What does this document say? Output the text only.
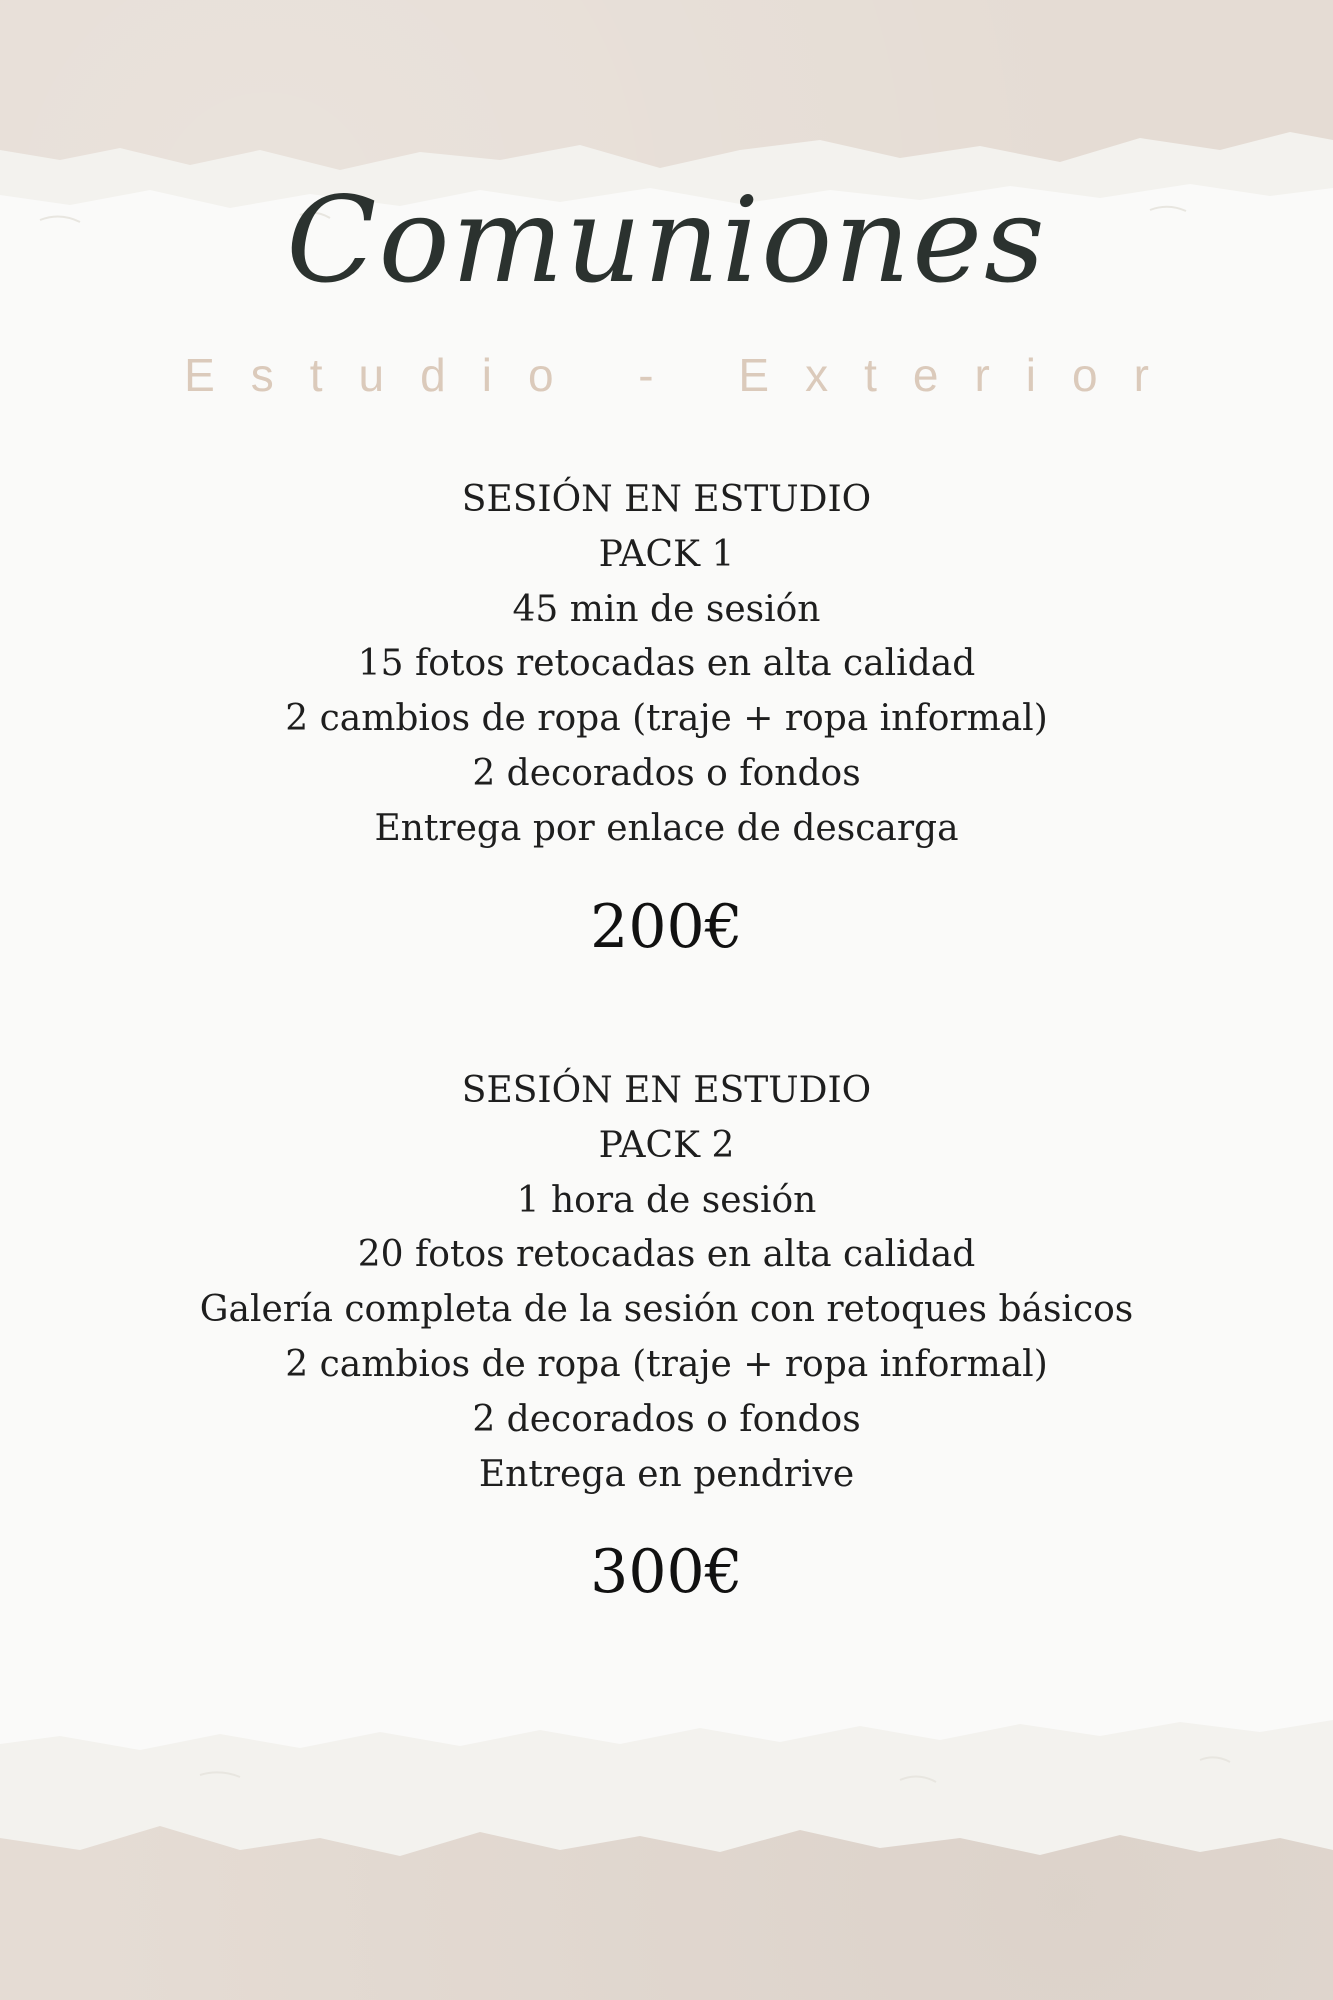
Comuniones
Estudio - Exterior
SESIÓN EN ESTUDIO
PACK 1
45 min de sesión
15 fotos retocadas en alta calidad
2 cambios de ropa (traje + ropa informal)
2 decorados o fondos
Entrega por enlace de descarga
200€
SESIÓN EN ESTUDIO
PACK 2
1 hora de sesión
20 fotos retocadas en alta calidad
Galería completa de la sesión con retoques básicos
2 cambios de ropa (traje + ropa informal)
2 decorados o fondos
Entrega en pendrive
300€
